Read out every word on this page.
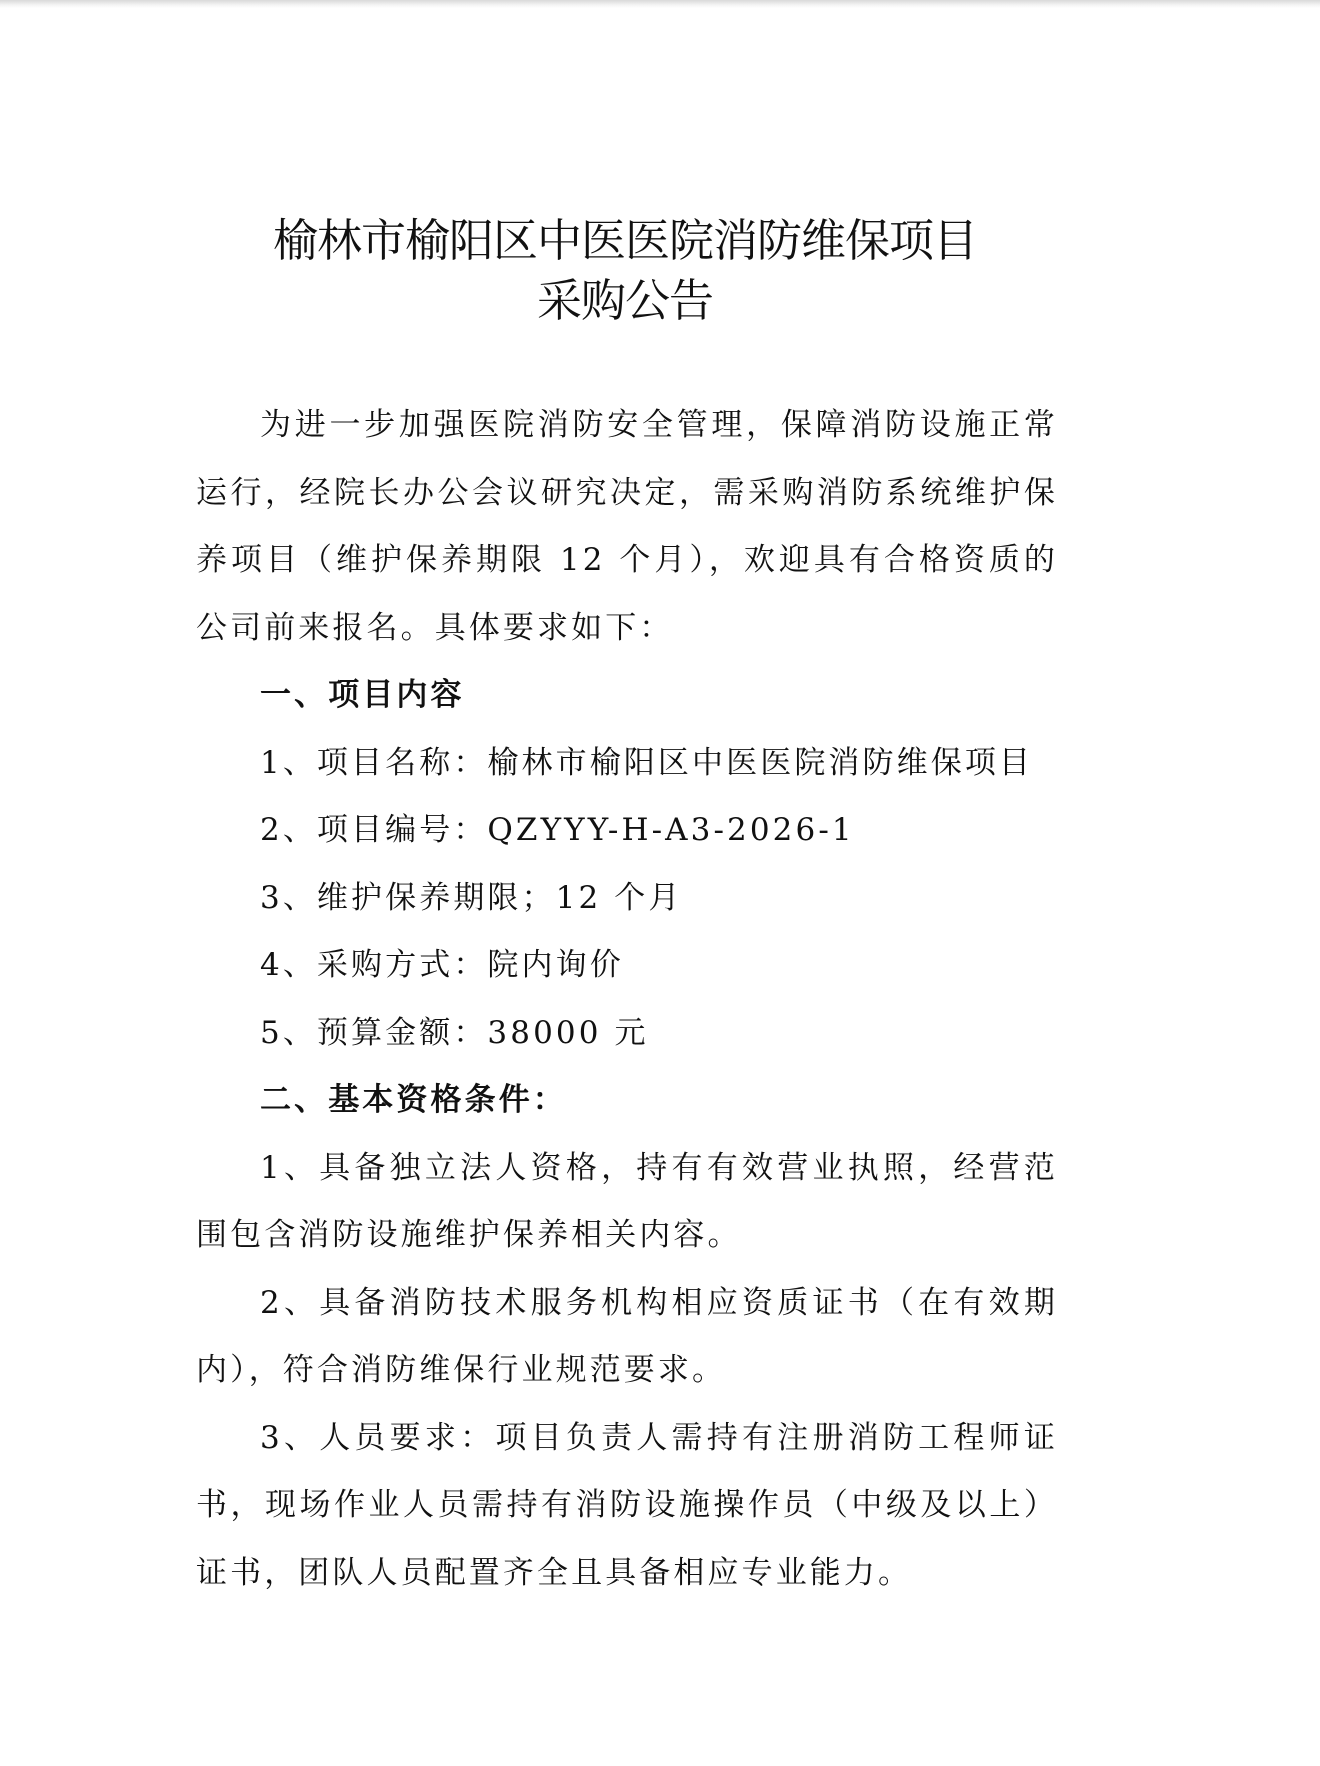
榆林市榆阳区中医医院消防维保项目
采购公告

为进一步加强医院消防安全管理，保障消防设施正常运行，经院长办公会议研究决定，需采购消防系统维护保养项目（维护保养期限 12 个月），欢迎具有合格资质的公司前来报名。具体要求如下：

一、项目内容

1、项目名称：榆林市榆阳区中医医院消防维保项目

2、项目编号：QZYYY-H-A3-2026-1

3、维护保养期限；12 个月

4、采购方式：院内询价

5、预算金额：38000 元

二、基本资格条件：

1、具备独立法人资格，持有有效营业执照，经营范围包含消防设施维护保养相关内容。

2、具备消防技术服务机构相应资质证书（在有效期内），符合消防维保行业规范要求。

3、人员要求：项目负责人需持有注册消防工程师证书，现场作业人员需持有消防设施操作员（中级及以上）证书，团队人员配置齐全且具备相应专业能力。
